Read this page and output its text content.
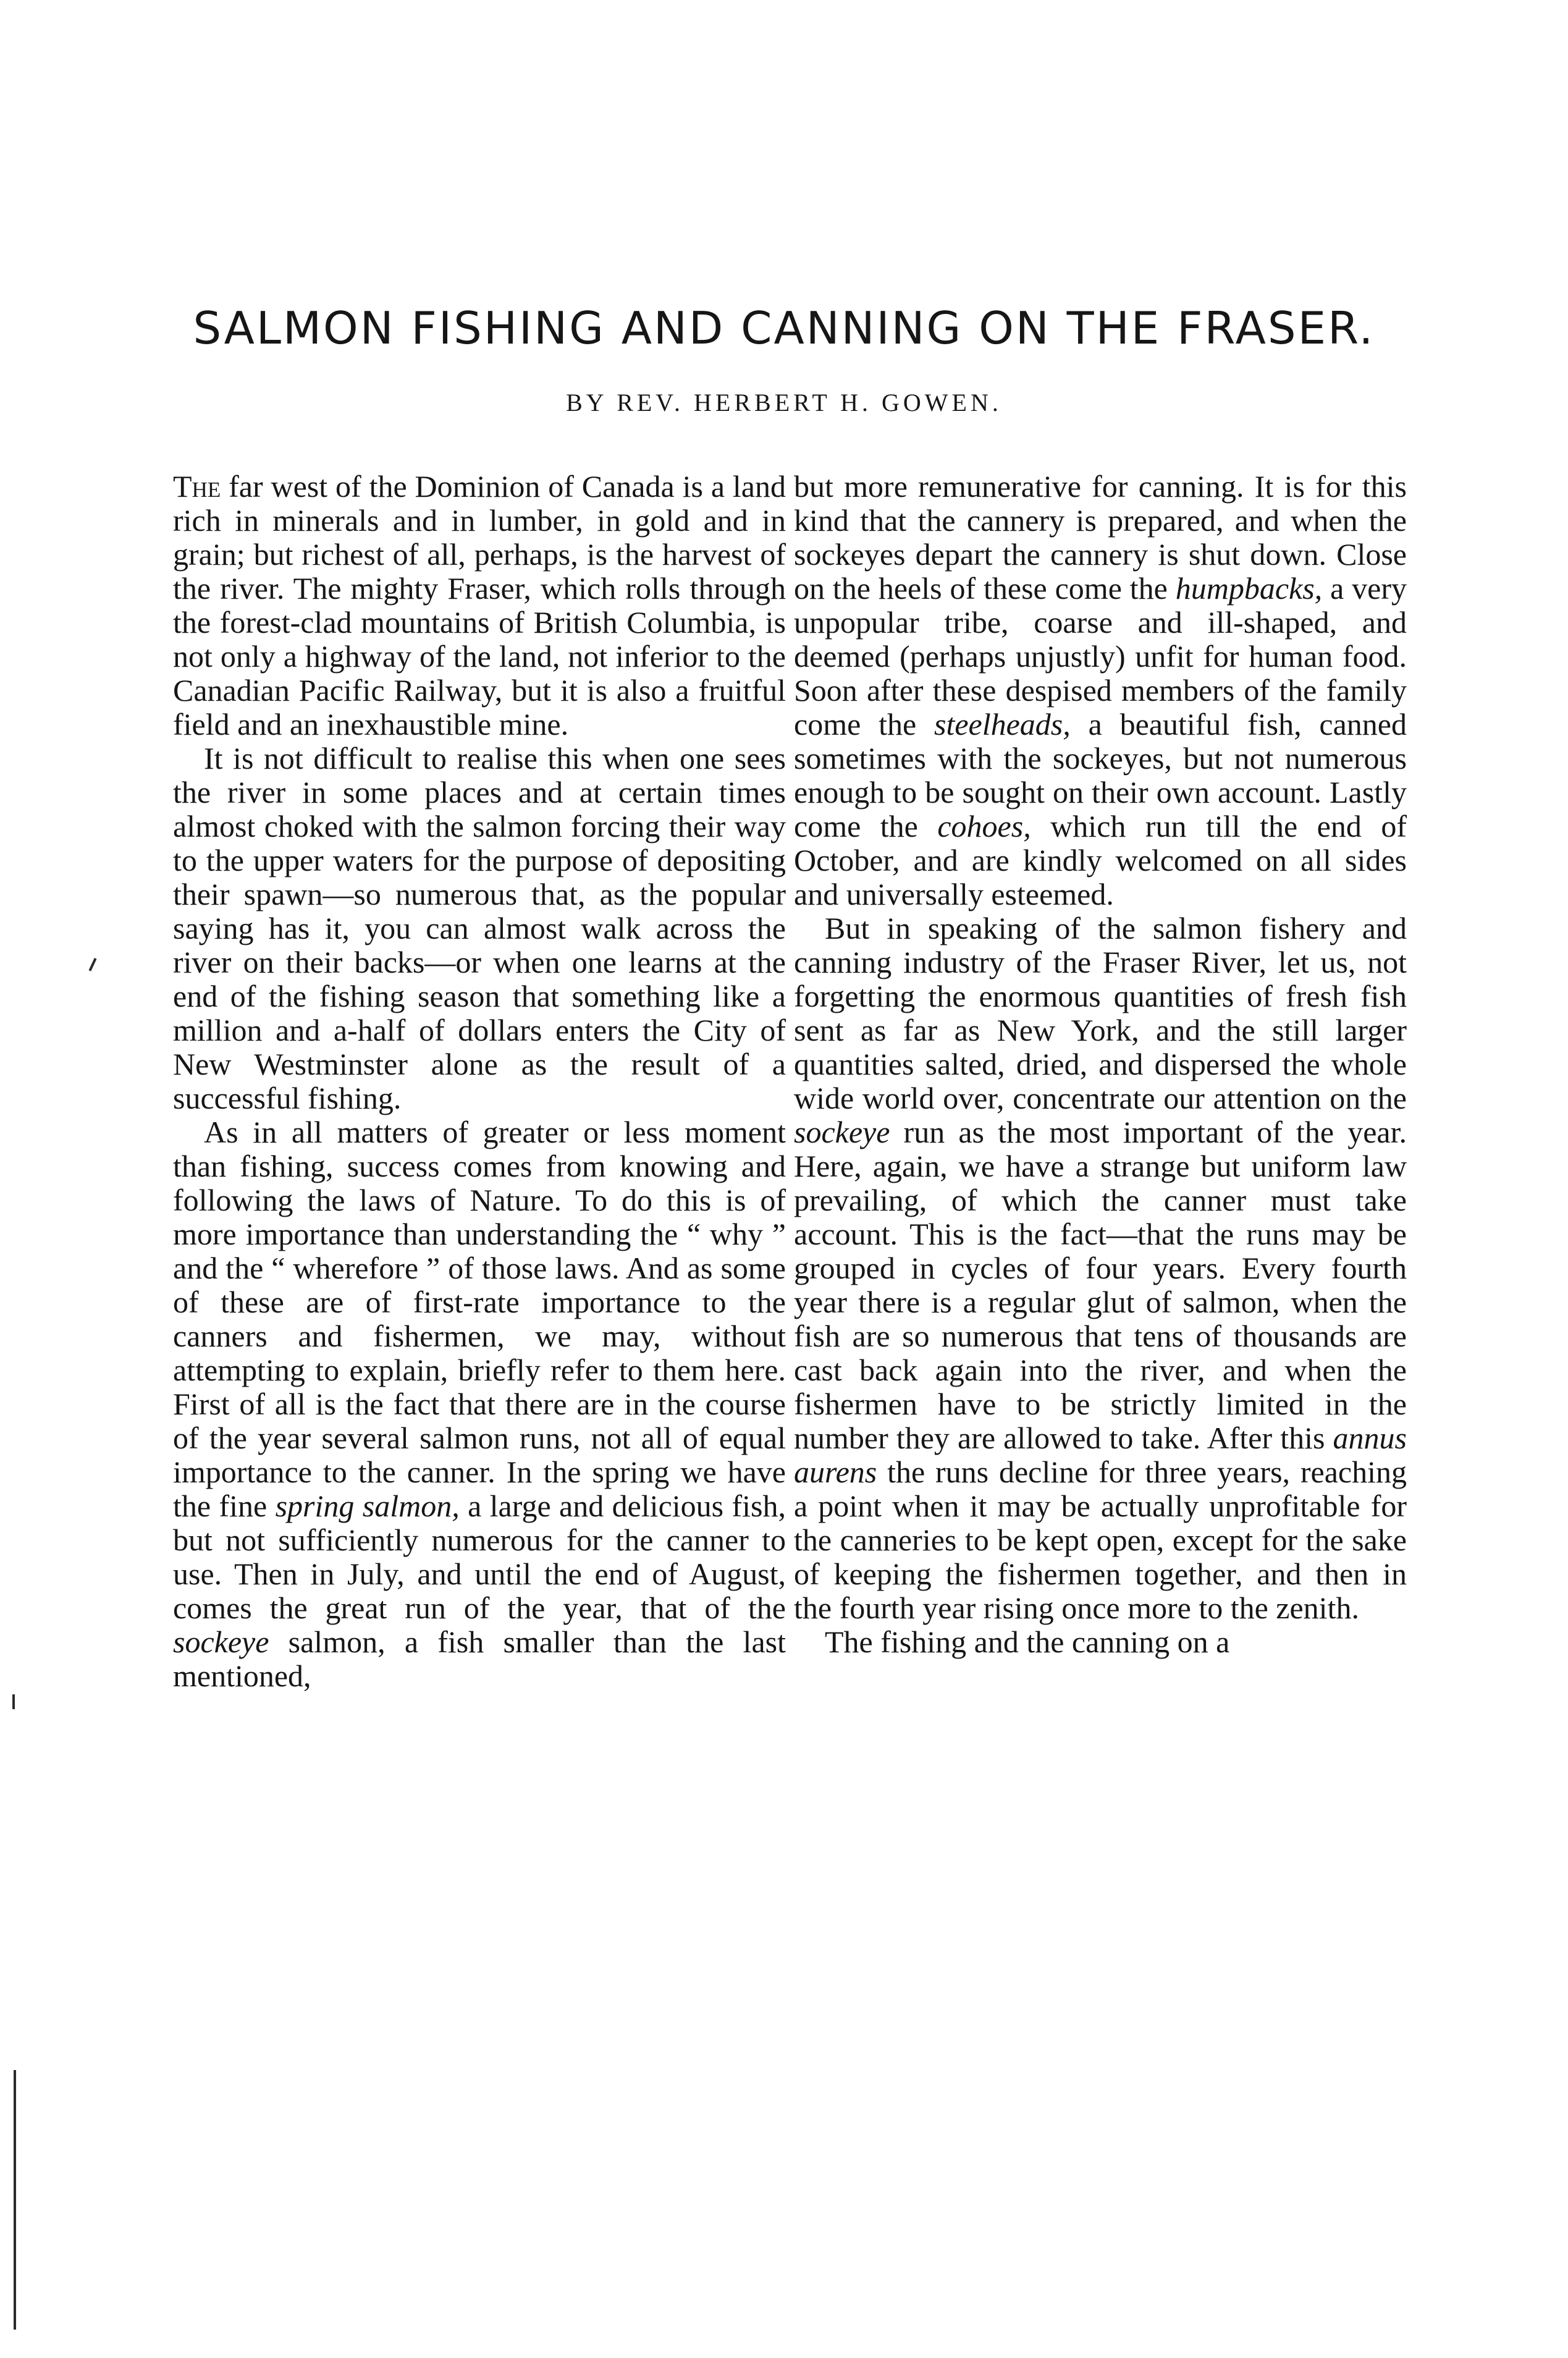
SALMON FISHING AND CANNING ON THE FRASER.
BY REV. HERBERT H. GOWEN.

The far west of the Dominion of Canada is a land rich in minerals and in lumber, in gold and in grain; but richest of all, perhaps, is the harvest of the river. The mighty Fraser, which rolls through the forest-clad mountains of British Columbia, is not only a highway of the land, not inferior to the Canadian Pacific Railway, but it is also a fruitful field and an inexhaustible mine.

It is not difficult to realise this when one sees the river in some places and at certain times almost choked with the salmon forcing their way to the upper waters for the purpose of depositing their spawn—so numerous that, as the popular saying has it, you can almost walk across the river on their backs—or when one learns at the end of the fishing season that something like a million and a-half of dollars enters the City of New Westminster alone as the result of a successful fishing.

As in all matters of greater or less moment than fishing, success comes from knowing and following the laws of Nature. To do this is of more importance than understanding the “ why ” and the “ wherefore ” of those laws. And as some of these are of first-rate importance to the canners and fishermen, we may, without attempting to explain, briefly refer to them here. First of all is the fact that there are in the course of the year several salmon runs, not all of equal importance to the canner. In the spring we have the fine spring salmon, a large and delicious fish, but not sufficiently numerous for the canner to use. Then in July, and until the end of August, comes the great run of the year, that of the sockeye salmon, a fish smaller than the last mentioned,

but more remunerative for canning. It is for this kind that the cannery is prepared, and when the sockeyes depart the cannery is shut down. Close on the heels of these come the humpbacks, a very unpopular tribe, coarse and ill-shaped, and deemed (perhaps unjustly) unfit for human food. Soon after these despised members of the family come the steelheads, a beautiful fish, canned sometimes with the sockeyes, but not numerous enough to be sought on their own account. Lastly come the cohoes, which run till the end of October, and are kindly welcomed on all sides and universally esteemed.

But in speaking of the salmon fishery and canning industry of the Fraser River, let us, not forgetting the enormous quantities of fresh fish sent as far as New York, and the still larger quantities salted, dried, and dispersed the whole wide world over, concentrate our attention on the sockeye run as the most important of the year. Here, again, we have a strange but uniform law prevailing, of which the canner must take account. This is the fact—that the runs may be grouped in cycles of four years. Every fourth year there is a regular glut of salmon, when the fish are so numerous that tens of thousands are cast back again into the river, and when the fishermen have to be strictly limited in the number they are allowed to take. After this annus aurens the runs decline for three years, reaching a point when it may be actually unprofitable for the canneries to be kept open, except for the sake of keeping the fishermen together, and then in the fourth year rising once more to the zenith.

The fishing and the canning on a
